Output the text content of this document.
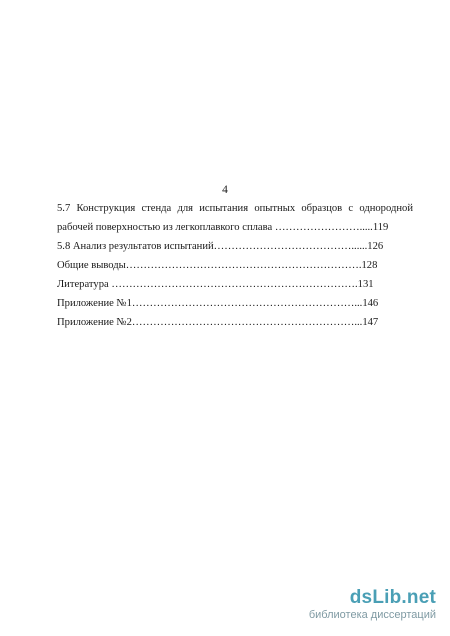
4
5.7 Конструкция стенда для испытания опытных образцов с однородной
рабочей поверхностью из легкоплавкого сплава …………………….....119
5.8 Анализ результатов испытаний…………………………………......126
Общие выводы………………………………………………………….128
Литература …………………………………………………………….131
Приложение №1………………………………………………………...146
Приложение №2………………………………………………………...147
dsLib.net
библиотека диссертаций
